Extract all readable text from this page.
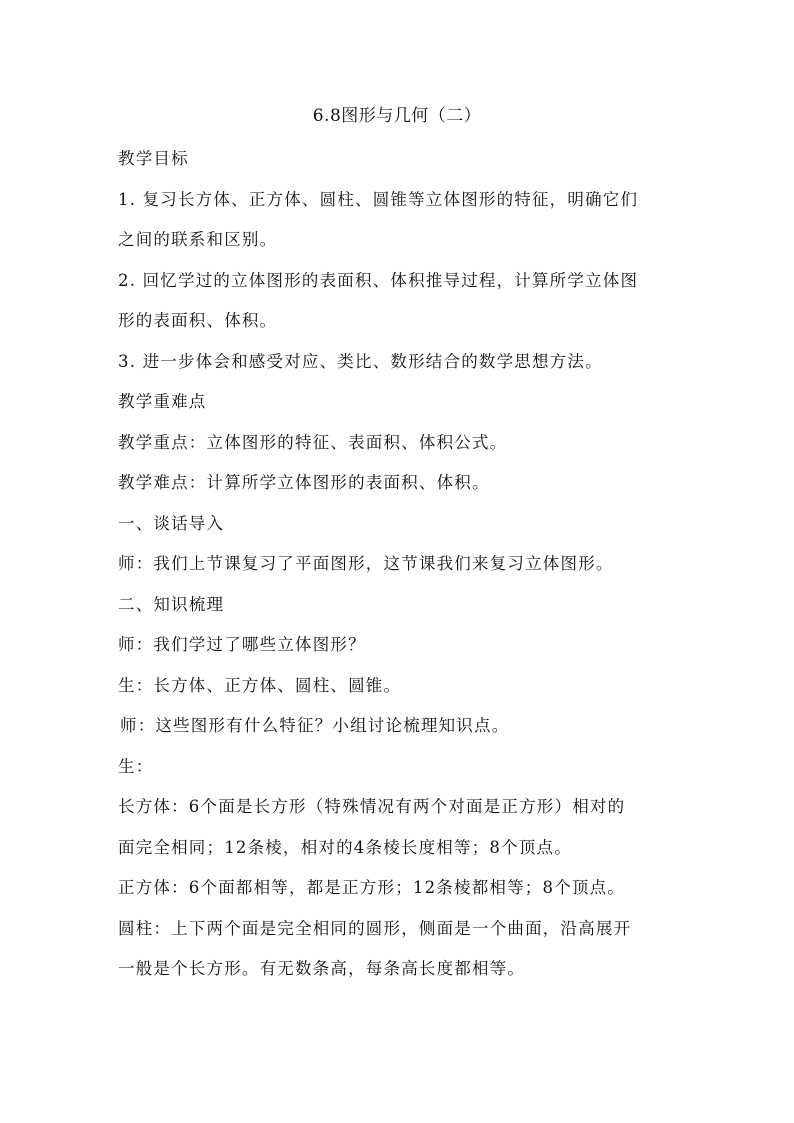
6.8图形与几何（二）
教学目标
1. 复习长方体、正方体、圆柱、圆锥等立体图形的特征，明确它们
之间的联系和区别。
2. 回忆学过的立体图形的表面积、体积推导过程，计算所学立体图
形的表面积、体积。
3. 进一步体会和感受对应、类比、数形结合的数学思想方法。
教学重难点
教学重点：立体图形的特征、表面积、体积公式。
教学难点：计算所学立体图形的表面积、体积。
一、谈话导入
师：我们上节课复习了平面图形，这节课我们来复习立体图形。
二、知识梳理
师：我们学过了哪些立体图形？
生：长方体、正方体、圆柱、圆锥。
师：这些图形有什么特征？小组讨论梳理知识点。
生：
长方体：6个面是长方形（特殊情况有两个对面是正方形）相对的
面完全相同；12条棱，相对的4条棱长度相等；8个顶点。
正方体：6个面都相等，都是正方形；12条棱都相等；8个顶点。
圆柱：上下两个面是完全相同的圆形，侧面是一个曲面，沿高展开
一般是个长方形。有无数条高，每条高长度都相等。
